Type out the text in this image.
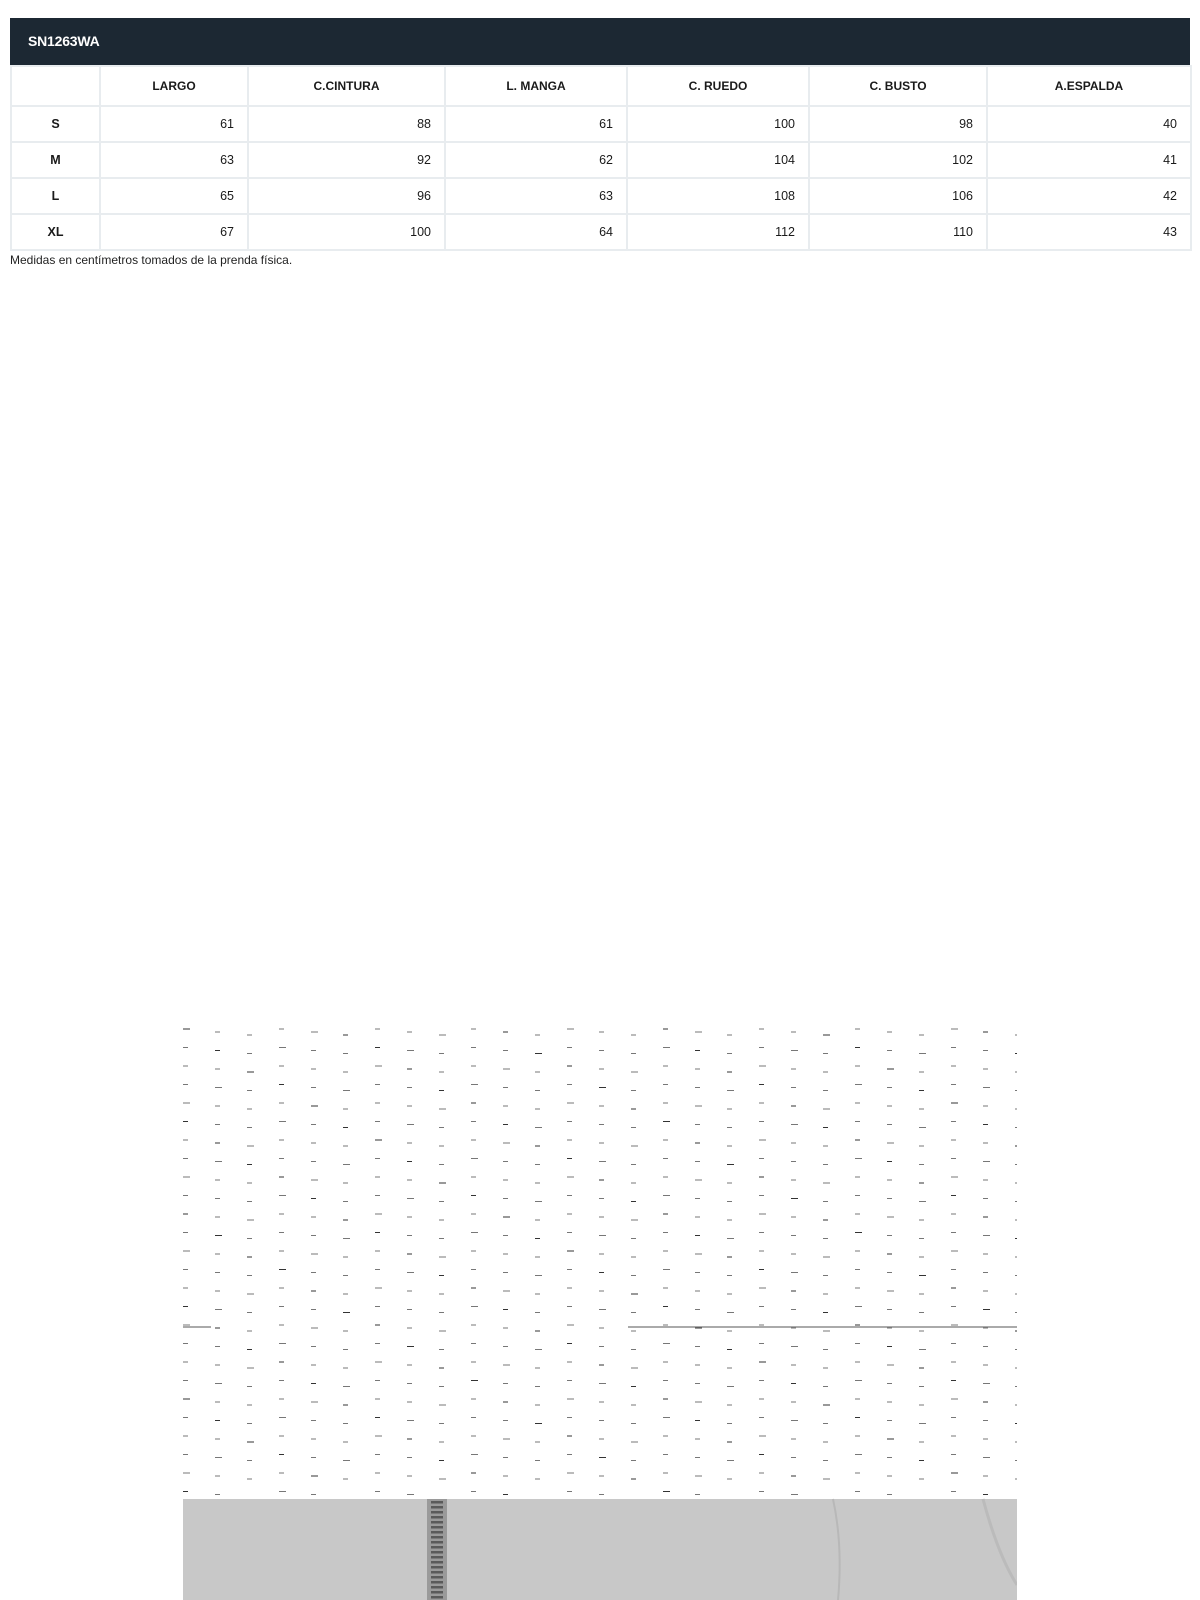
SN1263WA
	LARGO	C.CINTURA	L. MANGA	C. RUEDO	C. BUSTO	A.ESPALDA
S	61	88	61	100	98	40
M	63	92	62	104	102	41
L	65	96	63	108	106	42
XL	67	100	64	112	110	43
Medidas en centímetros tomados de la prenda física.
